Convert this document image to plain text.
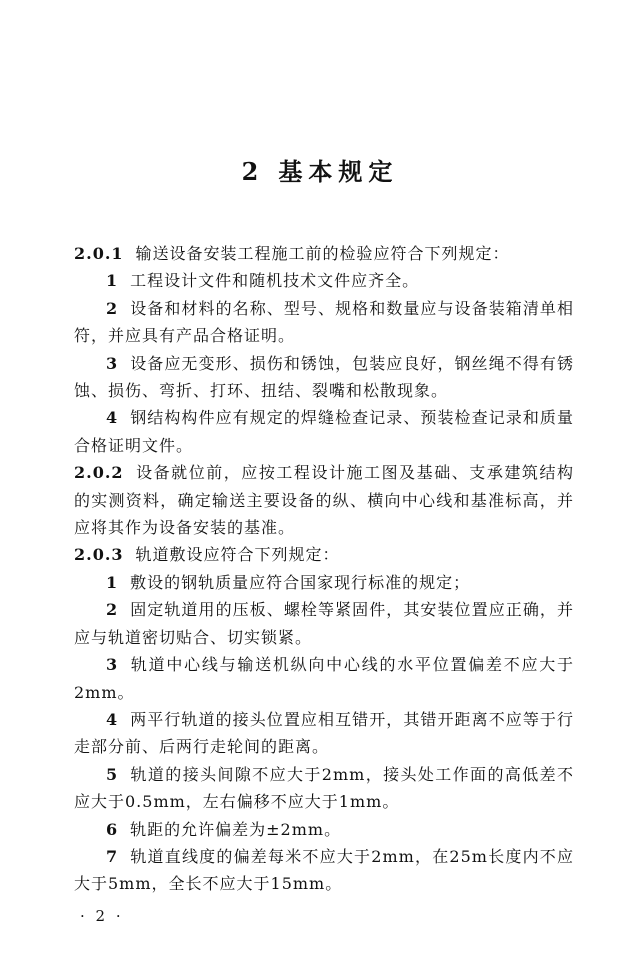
2 基本规定

2.0.1 输送设备安装工程施工前的检验应符合下列规定：

1 工程设计文件和随机技术文件应齐全。

2 设备和材料的名称、型号、规格和数量应与设备装箱清单相符，并应具有产品合格证明。

3 设备应无变形、损伤和锈蚀，包装应良好，钢丝绳不得有锈蚀、损伤、弯折、打环、扭结、裂嘴和松散现象。

4 钢结构构件应有规定的焊缝检查记录、预装检查记录和质量合格证明文件。

2.0.2 设备就位前，应按工程设计施工图及基础、支承建筑结构的实测资料，确定输送主要设备的纵、横向中心线和基准标高，并应将其作为设备安装的基准。

2.0.3 轨道敷设应符合下列规定：

1 敷设的钢轨质量应符合国家现行标准的规定；

2 固定轨道用的压板、螺栓等紧固件，其安装位置应正确，并应与轨道密切贴合、切实锁紧。

3 轨道中心线与输送机纵向中心线的水平位置偏差不应大于2mm。

4 两平行轨道的接头位置应相互错开，其错开距离不应等于行走部分前、后两行走轮间的距离。

5 轨道的接头间隙不应大于2mm，接头处工作面的高低差不应大于0.5mm，左右偏移不应大于1mm。

6 轨距的允许偏差为±2mm。

7 轨道直线度的偏差每米不应大于2mm，在25m长度内不应大于5mm，全长不应大于15mm。

· 2 ·
